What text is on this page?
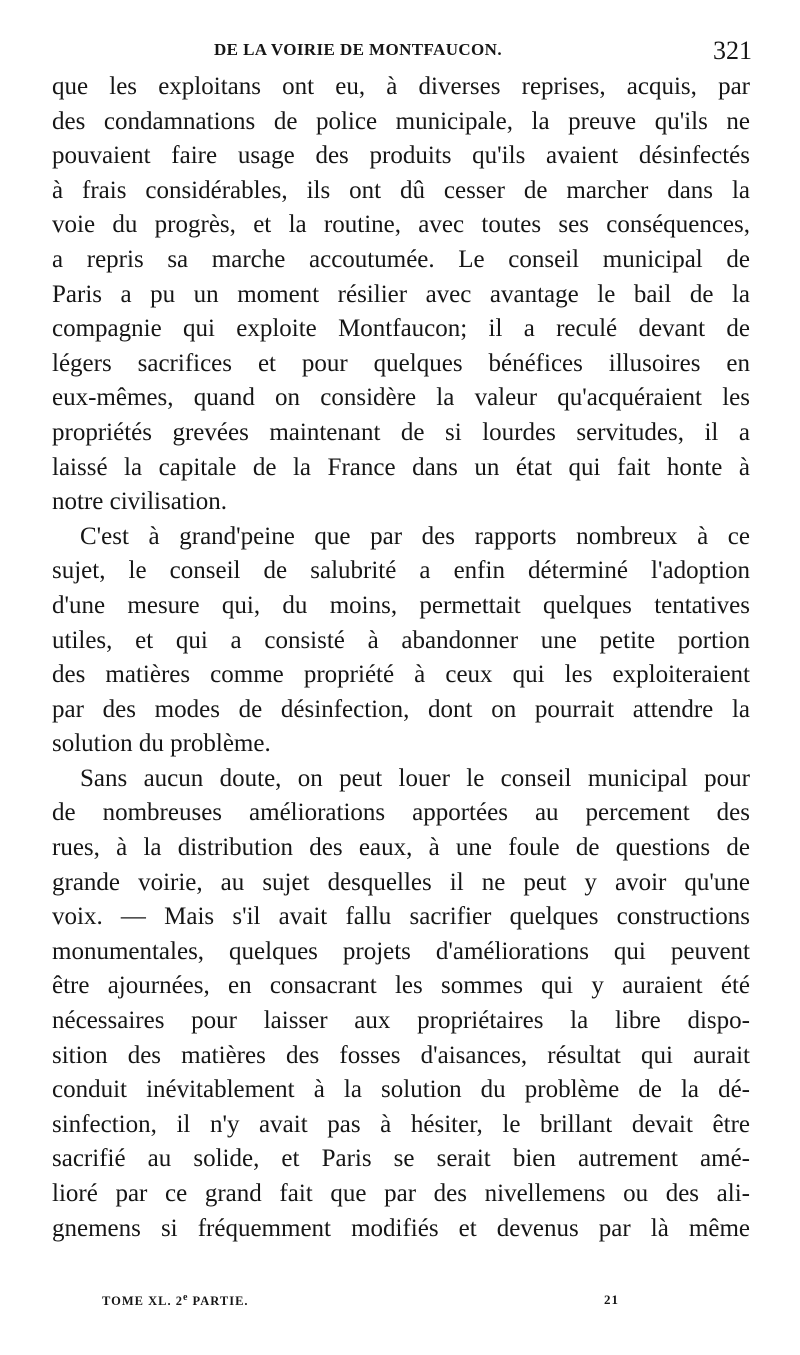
DE LA VOIRIE DE MONTFAUCON.	321
que les exploitans ont eu, à diverses reprises, acquis, par
des condamnations de police municipale, la preuve qu'ils ne
pouvaient faire usage des produits qu'ils avaient désinfectés
à frais considérables, ils ont dû cesser de marcher dans la
voie du progrès, et la routine, avec toutes ses conséquences,
a repris sa marche accoutumée. Le conseil municipal de
Paris a pu un moment résilier avec avantage le bail de la
compagnie qui exploite Montfaucon; il a reculé devant de
légers sacrifices et pour quelques bénéfices illusoires en
eux-mêmes, quand on considère la valeur qu'acquéraient les
propriétés grevées maintenant de si lourdes servitudes, il a
laissé la capitale de la France dans un état qui fait honte à
notre civilisation.
C'est à grand'peine que par des rapports nombreux à ce
sujet, le conseil de salubrité a enfin déterminé l'adoption
d'une mesure qui, du moins, permettait quelques tentatives
utiles, et qui a consisté à abandonner une petite portion
des matières comme propriété à ceux qui les exploiteraient
par des modes de désinfection, dont on pourrait attendre la
solution du problème.
Sans aucun doute, on peut louer le conseil municipal pour
de nombreuses améliorations apportées au percement des
rues, à la distribution des eaux, à une foule de questions de
grande voirie, au sujet desquelles il ne peut y avoir qu'une
voix. — Mais s'il avait fallu sacrifier quelques constructions
monumentales, quelques projets d'améliorations qui peuvent
être ajournées, en consacrant les sommes qui y auraient été
nécessaires pour laisser aux propriétaires la libre dispo-
sition des matières des fosses d'aisances, résultat qui aurait
conduit inévitablement à la solution du problème de la dé-
sinfection, il n'y avait pas à hésiter, le brillant devait être
sacrifié au solide, et Paris se serait bien autrement amé-
lioré par ce grand fait que par des nivellemens ou des ali-
gnemens si fréquemment modifiés et devenus par là même
TOME XL. 2e PARTIE.	21
